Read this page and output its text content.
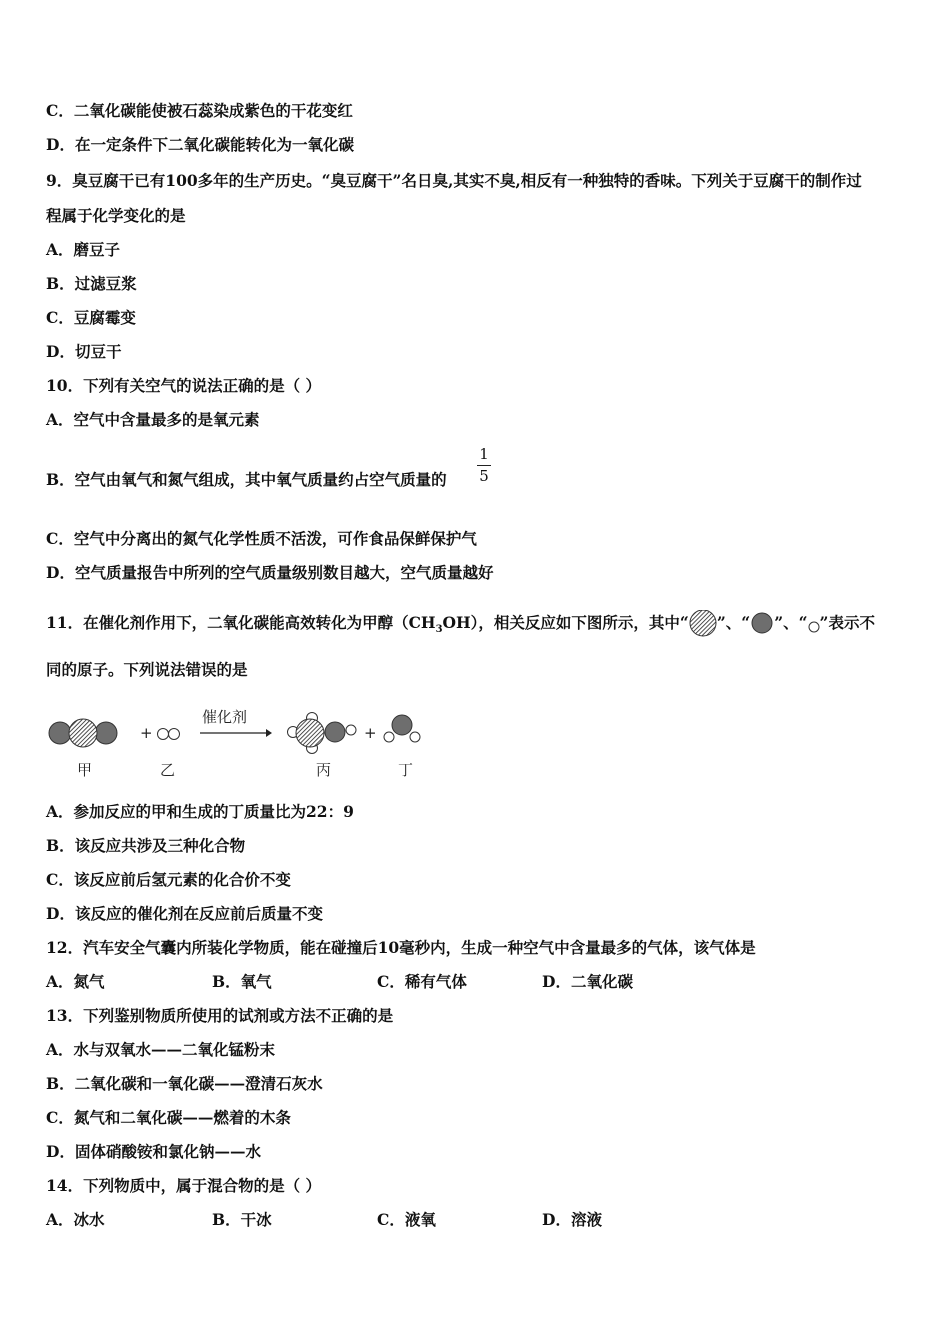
C．二氧化碳能使被石蕊染成紫色的干花变红
D．在一定条件下二氧化碳能转化为一氧化碳
9．臭豆腐干已有100多年的生产历史。“臭豆腐干”名日臭,其实不臭,相反有一种独特的香味。下列关于豆腐干的制作过
程属于化学变化的是
A．磨豆子
B．过滤豆浆
C．豆腐霉变
D．切豆干
10．下列有关空气的说法正确的是（ ）
A．空气中含量最多的是氧元素
B．空气由氧气和氮气组成，其中氧气质量约占空气质量的
1
5
C．空气中分离出的氮气化学性质不活泼，可作食品保鲜保护气
D．空气质量报告中所列的空气质量级别数目越大，空气质量越好
11．在催化剂作用下，二氧化碳能高效转化为甲醇$(CH_3OH)$，相关反应如下图所示，其中“ ”、“ ”、“ ”表示不
同的原子。下列说法错误的是
+
催化剂
+
甲	乙	丙	丁
A．参加反应的甲和生成的丁质量比为22：9
B．该反应共涉及三种化合物
C．该反应前后氢元素的化合价不变
D．该反应的催化剂在反应前后质量不变
12．汽车安全气囊内所装化学物质，能在碰撞后10毫秒内，生成一种空气中含量最多的气体，该气体是
A．氮气	B．氧气	C．稀有气体	D．二氧化碳
13．下列鉴别物质所使用的试剂或方法不正确的是
A．水与双氧水——二氧化锰粉末
B．二氧化碳和一氧化碳——澄清石灰水
C．氮气和二氧化碳——燃着的木条
D．固体硝酸铵和氯化钠——水
14．下列物质中，属于混合物的是（ ）
A．冰水	B．干冰	C．液氧	D．溶液
